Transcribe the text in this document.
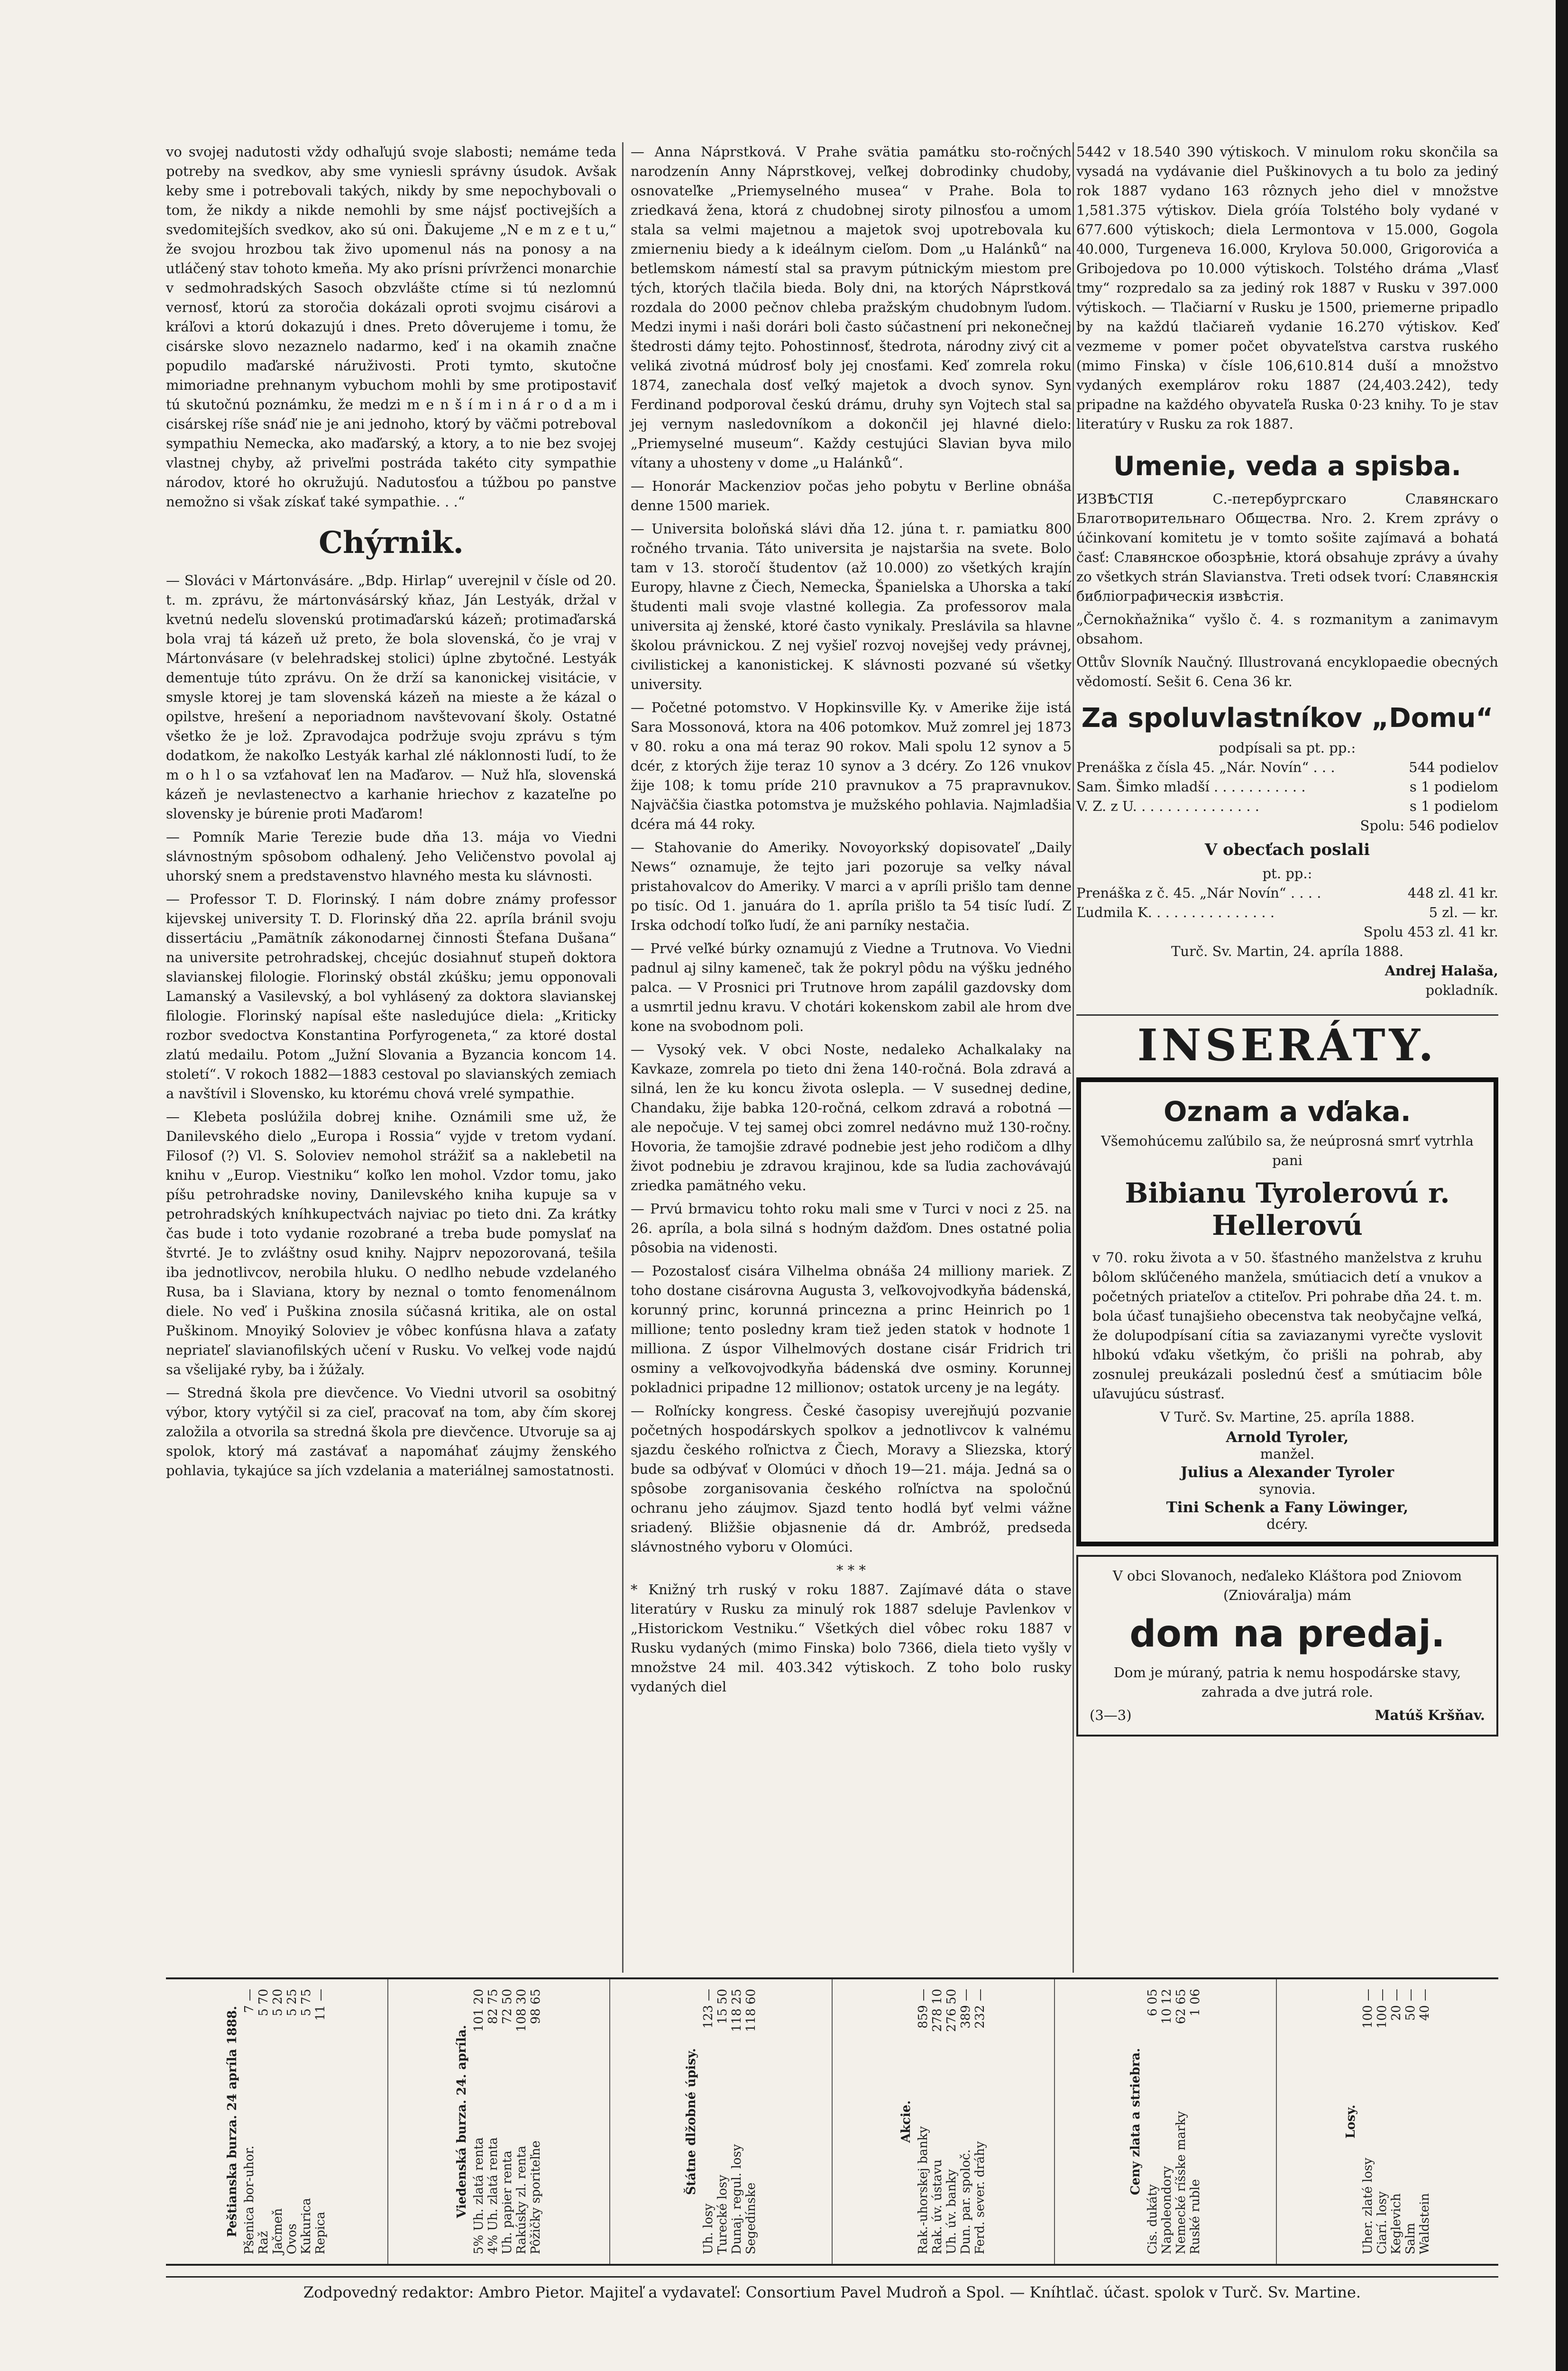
vo svojej nadutosti vždy odhaľujú svoje slabosti; nemáme teda potreby na svedkov, aby sme vyniesli správny úsudok. Avšak keby sme i potrebovali takých, nikdy by sme nepochybovali o tom, že nikdy a nikde nemohli by sme nájsť poctivejších a svedomitejších svedkov, ako sú oni. Ďakujeme „N e m z e t u,“ že svojou hrozbou tak živo upomenul nás na ponosy a na utláčený stav tohoto kmeňa. My ako prísni prívrženci monarchie v sedmohradských Sasoch obzvlášte ctíme si tú nezlomnú vernosť, ktorú za storočia dokázali oproti svojmu cisárovi a kráľovi a ktorú dokazujú i dnes. Preto dôverujeme i tomu, že cisárske slovo nezaznelo nadarmo, keď i na okamih značne popudilo maďarské náruživosti. Proti tymto, skutočne mimoriadne prehnanym vybuchom mohli by sme protipostaviť tú skutočnú poznámku, že medzi m e n š í m i n á r o d a m i cisárskej ríše snáď nie je ani jednoho, ktorý by väčmi potreboval sympathiu Nemecka, ako maďarský, a ktory, a to nie bez svojej vlastnej chyby, až priveľmi postráda takéto city sympathie národov, ktoré ho okružujú. Nadutosťou a túžbou po panstve nemožno si však získať také sympathie. . .“

Chýrnik.

— Slováci v Mártonvásáre. „Bdp. Hirlap“ uverejnil v čísle od 20. t. m. zprávu, že mártonvásárský kňaz, Ján Lestyák, držal v kvetnú nedeľu slovenskú protimaďarskú kázeň; protimaďarská bola vraj tá kázeň už preto, že bola slovenská, čo je vraj v Mártonvásare (v belehradskej stolici) úplne zbytočné. Lestyák dementuje túto zprávu. On že drží sa kanonickej visitácie, v smysle ktorej je tam slovenská kázeň na mieste a že kázal o opilstve, hrešení a neporiadnom navštevovaní školy. Ostatné všetko že je lož. Zpravodajca podržuje svoju zprávu s tým dodatkom, že nakoľko Lestyák karhal zlé náklonnosti ľudí, to že m o h l o sa vzťahovať len na Maďarov. — Nuž hľa, slovenská kázeň je nevlastenectvo a karhanie hriechov z kazateľne po slovensky je búrenie proti Maďarom!

— Pomník Marie Terezie bude dňa 13. mája vo Viedni slávnostným spôsobom odhalený. Jeho Veličenstvo povolal aj uhorský snem a predstavenstvo hlavného mesta ku slávnosti.

— Professor T. D. Florinský. I nám dobre známy professor kijevskej university T. D. Florinský dňa 22. apríla bránil svoju dissertáciu „Pamätník zákonodarnej činnosti Štefana Dušana“ na universite petrohradskej, chcejúc dosiahnuť stupeň doktora slavianskej filologie. Florinský obstál zkúšku; jemu opponovali Lamanský a Vasilevský, a bol vyhlásený za doktora slavianskej filologie. Florinský napísal ešte nasledujúce diela: „Kriticky rozbor svedoctva Konstantina Porfyrogeneta,“ za ktoré dostal zlatú medailu. Potom „Južní Slovania a Byzancia koncom 14. století“. V rokoch 1882—1883 cestoval po slavianských zemiach a navštívil i Slovensko, ku ktorému chová vrelé sympathie.

— Klebeta poslúžila dobrej knihe. Oznámili sme už, že Danilevského dielo „Europa i Rossia“ vyjde v tretom vydaní. Filosof (?) Vl. S. Soloviev nemohol strážiť sa a naklebetil na knihu v „Europ. Viestniku“ koľko len mohol. Vzdor tomu, jako píšu petrohradske noviny, Danilevského kniha kupuje sa v petrohradských kníhkupectvách najviac po tieto dni. Za krátky čas bude i toto vydanie rozobrané a treba bude pomyslať na štvrté. Je to zvláštny osud knihy. Najprv nepozorovaná, tešila iba jednotlivcov, nerobila hluku. O nedlho nebude vzdelaného Rusa, ba i Slaviana, ktory by neznal o tomto fenomenálnom diele. No veď i Puškina znosila súčasná kritika, ale on ostal Puškinom. Mnoyiký Soloviev je vôbec konfúsna hlava a zaťaty nepriateľ slavianofilských učení v Rusku. Vo veľkej vode najdú sa všelijaké ryby, ba i žúžaly.

— Stredná škola pre dievčence. Vo Viedni utvoril sa osobitný výbor, ktory vytýčil si za cieľ, pracovať na tom, aby čím skorej založila a otvorila sa stredná škola pre dievčence. Utvoruje sa aj spolok, ktorý má zastávať a napomáhať záujmy ženského pohlavia, tykajúce sa jích vzdelania a materiálnej samostatnosti.

— Anna Náprstková. V Prahe svätia památku sto-ročných narodzenín Anny Náprstkovej, veľkej dobrodinky chudoby, osnovateľke „Priemyselného musea“ v Prahe. Bola to zriedkavá žena, ktorá z chudobnej siroty pilnosťou a umom stala sa velmi majetnou a majetok svoj upotrebovala ku zmierneniu biedy a k ideálnym cieľom. Dom „u Halánků“ na betlemskom námestí stal sa pravym pútnickým miestom pre tých, ktorých tlačila bieda. Boly dni, na ktorých Náprstková rozdala do 2000 pečnov chleba pražským chudobnym ľudom. Medzi inymi i naši dorári boli často súčastnení pri nekonečnej štedrosti dámy tejto. Pohostinnosť, štedrota, národny zivý cit a veliká zivotná múdrosť boly jej cnosťami. Keď zomrela roku 1874, zanechala dosť veľký majetok a dvoch synov. Syn Ferdinand podporoval českú drámu, druhy syn Vojtech stal sa jej vernym nasledovníkom a dokončil jej hlavné dielo: „Priemyselné museum“. Každy cestujúci Slavian byva milo vítany a uhosteny v dome „u Halánků“.

— Honorár Mackenziov počas jeho pobytu v Berline obnáša denne 1500 mariek.

— Universita boloňská slávi dňa 12. júna t. r. pamiatku 800 ročného trvania. Táto universita je najstaršia na svete. Bolo tam v 13. storočí študentov (až 10.000) zo všetkých krajín Europy, hlavne z Čiech, Nemecka, Španielska a Uhorska a takí študenti mali svoje vlastné kollegia. Za professorov mala universita aj ženské, ktoré často vynikaly. Preslávila sa hlavne školou právnickou. Z nej vyšieľ rozvoj novejšej vedy právnej, civilistickej a kanonistickej. K slávnosti pozvané sú všetky university.

— Početné potomstvo. V Hopkinsville Ky. v Amerike žije istá Sara Mossonová, ktora na 406 potomkov. Muž zomrel jej 1873 v 80. roku a ona má teraz 90 rokov. Mali spolu 12 synov a 5 dcér, z ktorých žije teraz 10 synov a 3 dcéry. Zo 126 vnukov žije 108; k tomu príde 210 pravnukov a 75 prapravnukov. Najväčšia čiastka potomstva je mužského pohlavia. Najmladšia dcéra má 44 roky.

— Stahovanie do Ameriky. Novoyorkský dopisovateľ „Daily News“ oznamuje, že tejto jari pozoruje sa veľky nával pristahovalcov do Ameriky. V marci a v apríli prišlo tam denne po tisíc. Od 1. januára do 1. apríla prišlo ta 54 tisíc ľudí. Z Irska odchodí toľko ľudí, že ani parníky nestačia.

— Prvé veľké búrky oznamujú z Viedne a Trutnova. Vo Viedni padnul aj silny kameneč, tak že pokryl pôdu na výšku jedného palca. — V Prosnici pri Trutnove hrom zapálil gazdovsky dom a usmrtil jednu kravu. V chotári kokenskom zabil ale hrom dve kone na svobodnom poli.

— Vysoký vek. V obci Noste, nedaleko Achalkalaky na Kavkaze, zomrela po tieto dni žena 140-ročná. Bola zdravá a silná, len že ku koncu života oslepla. — V susednej dedine, Chandaku, žije babka 120-ročná, celkom zdravá a robotná — ale nepočuje. V tej samej obci zomrel nedávno muž 130-ročny. Hovoria, že tamojšie zdravé podnebie jest jeho rodičom a dlhy život podnebiu je zdravou krajinou, kde sa ľudia zachovávajú zriedka pamätného veku.

— Prvú brmavicu tohto roku mali sme v Turci v noci z 25. na 26. apríla, a bola silná s hodným dažďom. Dnes ostatné polia pôsobia na videnosti.

— Pozostalosť cisára Vilhelma obnáša 24 milliony mariek. Z toho dostane cisárovna Augusta 3, veľkovojvodkyňa bádenská, korunný princ, korunná princezna a princ Heinrich po 1 millione; tento posledny kram tiež jeden statok v hodnote 1 milliona. Z úspor Vilhelmových dostane cisár Fridrich tri osminy a veľkovojvodkyňa bádenská dve osminy. Korunnej pokladnici pripadne 12 millionov; ostatok urceny je na legáty.

— Roľnícky kongress. České časopisy uverejňujú pozvanie početných hospodárskych spolkov a jednotlivcov k valnému sjazdu českého roľnictva z Čiech, Moravy a Sliezska, ktorý bude sa odbývať v Olomúci v dňoch 19—21. mája. Jedná sa o spôsobe zorganisovania českého roľníctva na spoločnú ochranu jeho záujmov. Sjazd tento hodlá byť velmi vážne sriadený. Bližšie objasnenie dá dr. Ambróž, predseda slávnostného vyboru v Olomúci.

* * *

* Knižný trh ruský v roku 1887. Zajímavé dáta o stave literatúry v Rusku za minulý rok 1887 sdeluje Pavlenkov v „Historickom Vestniku.“ Všetkých diel vôbec roku 1887 v Rusku vydaných (mimo Finska) bolo 7366, diela tieto vyšly v množstve 24 mil. 403.342 výtiskoch. Z toho bolo rusky vydaných diel

5442 v 18.540 390 výtiskoch. V minulom roku skončila sa vysadá na vydávanie diel Puškinovych a tu bolo za jediný rok 1887 vydano 163 rôznych jeho diel v množstve 1,581.375 výtiskov. Diela gróía Tolstého boly vydané v 677.600 výtiskoch; diela Lermontova v 15.000, Gogola 40.000, Turgeneva 16.000, Krylova 50.000, Grigorovića a Gribojedova po 10.000 výtiskoch. Tolstého dráma „Vlasť tmy“ rozpredalo sa za jediný rok 1887 v Rusku v 397.000 výtiskoch. — Tlačiarní v Rusku je 1500, priemerne pripadlo by na každú tlačiareň vydanie 16.270 výtiskov. Keď vezmeme v pomer počet obyvateľstva carstva ruského (mimo Finska) v čísle 106,610.814 duší a množstvo vydaných exemplárov roku 1887 (24,403.242), tedy pripadne na každého obyvateľa Ruska 0·23 knihy. To je stav literatúry v Rusku za rok 1887.

Umenie, veda a spisba.

ИЗВѢСТІЯ С.-петербургскаго Славянскаго Благотворительнаго Общества. Nro. 2. Krem zprávy o účinkovaní komitetu je v tomto sošite zajímavá a bohatá časť: Славянское обозрѣніе, ktorá obsahuje zprávy a úvahy zo všetkych strán Slavianstva. Treti odsek tvorí: Славянскія библіографическія извѣстія.

„Černokňažnika“ vyšlo č. 4. s rozmanitym a zanimavym obsahom.

Ottův Slovník Naučný. Illustrovaná encyklopaedie obecných vědomostí. Sešit 6. Cena 36 kr.

Za spoluvlastníkov „Domu“

podpísali sa pt. pp.:

Prenáška z čísla 45. „Nár. Novín“ . . .	544 podielov
Sam. Šimko mladší . . . . . . . . . . .	s 1 podielom
V. Z. z U. . . . . . . . . . . . . . .	s 1 podielom

Spolu: 546 podielov

V obecťach poslali

pt. pp.:

Prenáška z č. 45. „Nár Novín“ . . . .	448 zl. 41 kr.
Ľudmila K. . . . . . . . . . . . . . .	5 zl. — kr.

Spolu 453 zl. 41 kr.

Turč. Sv. Martin, 24. apríla 1888.

Andrej Halaša,

pokladník.

INSERÁTY.
Oznam a vďaka.

Všemohúcemu zaľúbilo sa, že neúprosná smrť vytrhla pani

Bibianu Tyrolerovú r. Hellerovú

v 70. roku života a v 50. šťastného manželstva z kruhu bôlom skľúčeného manžela, smútiacich detí a vnukov a početných priateľov a ctiteľov. Pri pohrabe dňa 24. t. m. bola účasť tunajšieho obecenstva tak neobyčajne veľká, že dolupodpísaní cítia sa zaviazanymi vyrečte vyslovit hlbokú vďaku všetkým, čo prišli na pohrab, aby zosnulej preukázali poslednú česť a smútiacim bôle uľavujúcu sústrasť.

V Turč. Sv. Martine, 25. apríla 1888.

Arnold Tyroler,

manžel.

Julius a Alexander Tyroler

synovia.

Tini Schenk a Fany Löwinger,

dcéry.

V obci Slovanoch, neďaleko Kláštora pod Zniovom (Zniováralja) mám

dom na predaj.

Dom je múraný, patria k nemu hospodárske stavy, zahrada a dve jutrá role.

(3—3)	Matúš Kršňav.
Peštianska burza. 24 apríla 1888. Pšenica bor-uhor.
7 —
Raž
5 70
Jačmeň
5 20
Ovos
5 25
Kukurica
5 75
Repica
11 —
Viedenská burza. 24. apríla. 5% Uh. zlatá renta
101 20
4% Uh. zlatá renta
82 75
Uh. papier renta
72 50
Rakúsky zl. renta
108 30
Pôžičky sporiteľne
98 65
Štátne dlžobné úpisy.
Uh. losy
123 —
Turecké losy
15 50
Dunaj. regul. losy
118 25
Segedínske
118 60
Akcie.
Rak.-uhorskej banky
859 —
Rak. úv. ústavu
278 10
Uh. úv. banky
276 50
Dun. par. spoloč.
389 —
Ferd. sever. dráhy
232 —
Ceny zlata a striebra.
Cis. dukáty
6 05
Napoleondory
10 12
Nemecké ríšske marky
62 65
Ruské ruble
1 06
Losy.
Uher. zlaté losy
100 —
Ciarí. losy
100 —
Keglevich
20 —
Salm
50 —
Waldstein
40 —
Zodpovedný redaktor: Ambro Pietor. Majiteľ a vydavateľ: Consortium Pavel Mudroň a Spol. — Kníhtlač. účast. spolok v Turč. Sv. Martine.
